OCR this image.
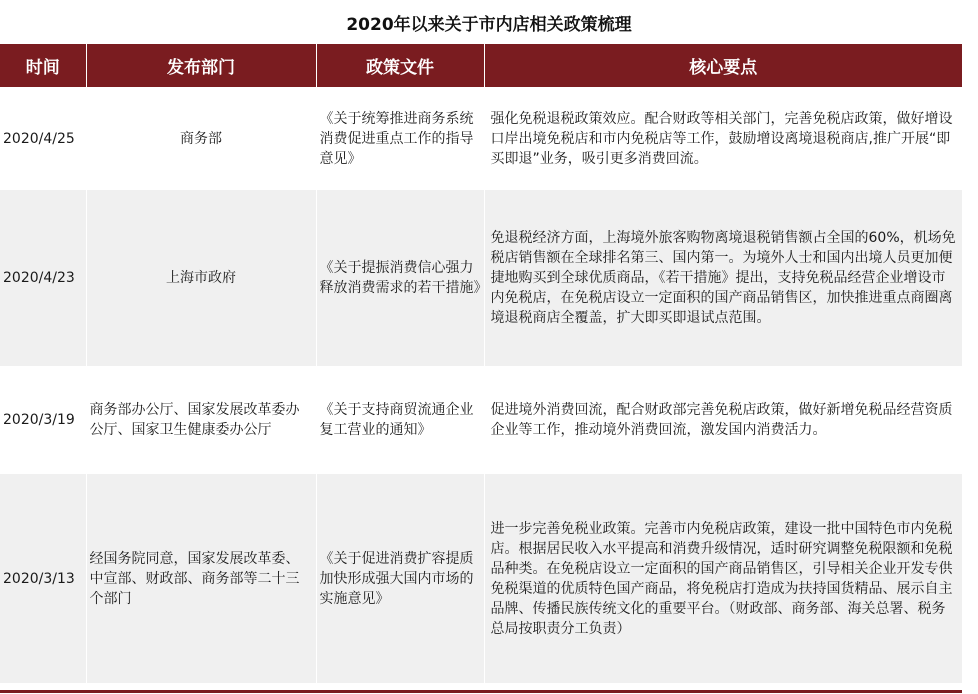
2020年以来关于市内店相关政策梳理
时间	发布部门	政策文件	核心要点
2020/4/25	商务部	《关于统筹推进商务系统消费促进重点工作的指导意见》	强化免税退税政策效应。配合财政等相关部门，完善免税店政策，做好增设口岸出境免税店和市内免税店等工作，鼓励增设离境退税商店,推广开展“即买即退”业务，吸引更多消费回流。
2020/4/23	上海市政府	《关于提振消费信心强力释放消费需求的若干措施》	免退税经济方面，上海境外旅客购物离境退税销售额占全国的60%，机场免税店销售额在全球排名第三、国内第一。为境外人士和国内出境人员更加便捷地购买到全球优质商品，《若干措施》提出，支持免税品经营企业增设市内免税店，在免税店设立一定面积的国产商品销售区，加快推进重点商圈离境退税商店全覆盖，扩大即买即退试点范围。
2020/3/19	商务部办公厅、国家发展改革委办公厅、国家卫生健康委办公厅	《关于支持商贸流通企业复工营业的通知》	促进境外消费回流，配合财政部完善免税店政策，做好新增免税品经营资质企业等工作，推动境外消费回流，激发国内消费活力。
2020/3/13	经国务院同意，国家发展改革委、中宣部、财政部、商务部等二十三个部门	《关于促进消费扩容提质加快形成强大国内市场的实施意见》	进一步完善免税业政策。完善市内免税店政策，建设一批中国特色市内免税店。根据居民收入水平提高和消费升级情况，适时研究调整免税限额和免税品种类。在免税店设立一定面积的国产商品销售区，引导相关企业开发专供免税渠道的优质特色国产商品，将免税店打造成为扶持国货精品、展示自主品牌、传播民族传统文化的重要平台。（财政部、商务部、海关总署、税务总局按职责分工负责）
